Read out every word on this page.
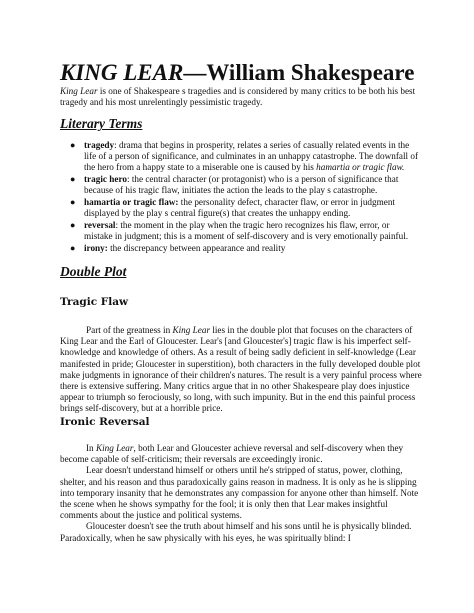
KING LEAR—William Shakespeare
King Lear is one of Shakespeare s tragedies and is considered by many critics to be both his best tragedy and his most unrelentingly pessimistic tragedy.
Literary Terms
● tragedy: drama that begins in prosperity, relates a series of casually related events in the life of a person of significance, and culminates in an unhappy catastrophe. The downfall of the hero from a happy state to a miserable one is caused by his hamartia or tragic flaw.
● tragic hero: the central character (or protagonist) who is a person of significance that because of his tragic flaw, initiates the action the leads to the play s catastrophe.
● hamartia or tragic flaw: the personality defect, character flaw, or error in judgment displayed by the play s central figure(s) that creates the unhappy ending.
● reversal: the moment in the play when the tragic hero recognizes his flaw, error, or mistake in judgment; this is a moment of self-discovery and is very emotionally painful.
● irony: the discrepancy between appearance and reality
Double Plot
Tragic Flaw

Part of the greatness in King Lear lies in the double plot that focuses on the characters of King Lear and the Earl of Gloucester. Lear's [and Gloucester's] tragic flaw is his imperfect self-knowledge and knowledge of others. As a result of being sadly deficient in self-knowledge (Lear manifested in pride; Gloucester in superstition), both characters in the fully developed double plot make judgments in ignorance of their children's natures. The result is a very painful process where there is extensive suffering. Many critics argue that in no other Shakespeare play does injustice appear to triumph so ferociously, so long, with such impunity. But in the end this painful process brings self-discovery, but at a horrible price.

Ironic Reversal

In King Lear, both Lear and Gloucester achieve reversal and self-discovery when they become capable of self-criticism; their reversals are exceedingly ironic.

Lear doesn't understand himself or others until he's stripped of status, power, clothing, shelter, and his reason and thus paradoxically gains reason in madness. It is only as he is slipping into temporary insanity that he demonstrates any compassion for anyone other than himself. Note the scene when he shows sympathy for the fool; it is only then that Lear makes insightful comments about the justice and political systems.

Gloucester doesn't see the truth about himself and his sons until he is physically blinded. Paradoxically, when he saw physically with his eyes, he was spiritually blind: I
